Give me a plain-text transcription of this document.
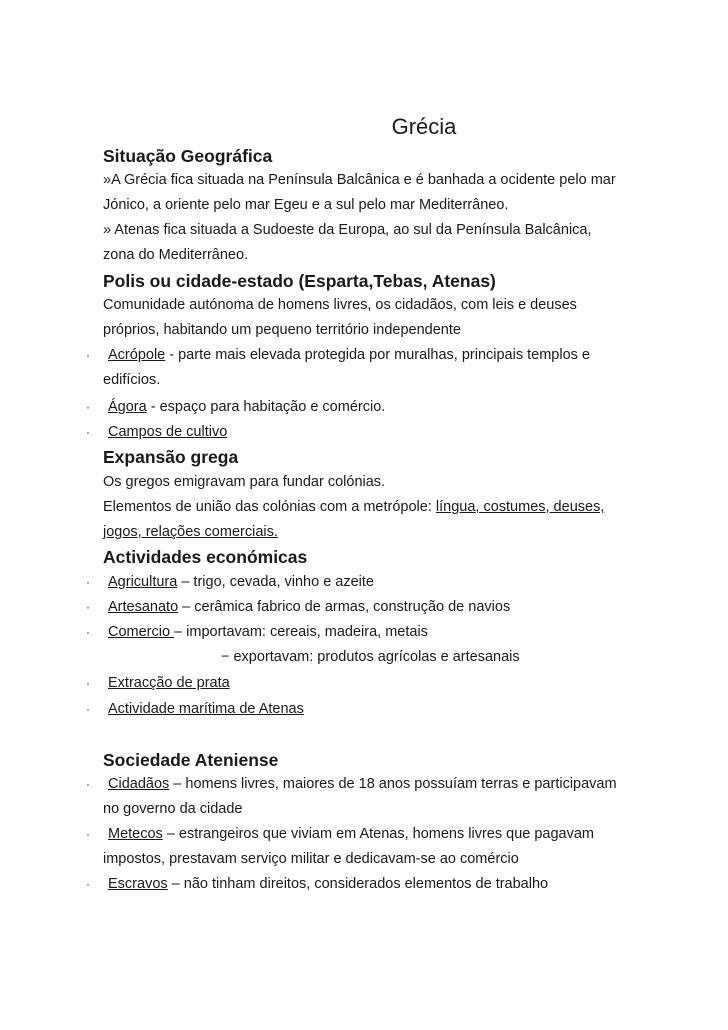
Grécia
Situação Geográfica
»A Grécia fica situada na Península Balcânica e é banhada a ocidente pelo mar
Jónico, a oriente pelo mar Egeu e a sul pelo mar Mediterrâneo.
» Atenas fica situada a Sudoeste da Europa, ao sul da Península Balcânica,
zona do Mediterrâneo.
Polis ou cidade-estado (Esparta,Tebas, Atenas)
Comunidade autónoma de homens livres, os cidadãos, com leis e deuses
próprios, habitando um pequeno território independente
·	Acrópole - parte mais elevada protegida por muralhas, principais templos e
edifícios.
·	Ágora - espaço para habitação e comércio.
·	Campos de cultivo
Expansão grega
Os gregos emigravam para fundar colónias.
Elementos de união das colónias com a metrópole: língua, costumes, deuses,
jogos, relações comerciais.
Actividades económicas
·	Agricultura – trigo, cevada, vinho e azeite
·	Artesanato – cerâmica fabrico de armas, construção de navios
·	Comercio – importavam: cereais, madeira, metais
− exportavam: produtos agrícolas e artesanais
·	Extracção de prata
·	Actividade marítima de Atenas
Sociedade Ateniense
·	Cidadãos – homens livres, maiores de 18 anos possuíam terras e participavam
no governo da cidade
·	Metecos – estrangeiros que viviam em Atenas, homens livres que pagavam
impostos, prestavam serviço militar e dedicavam-se ao comércio
·	Escravos – não tinham direitos, considerados elementos de trabalho
